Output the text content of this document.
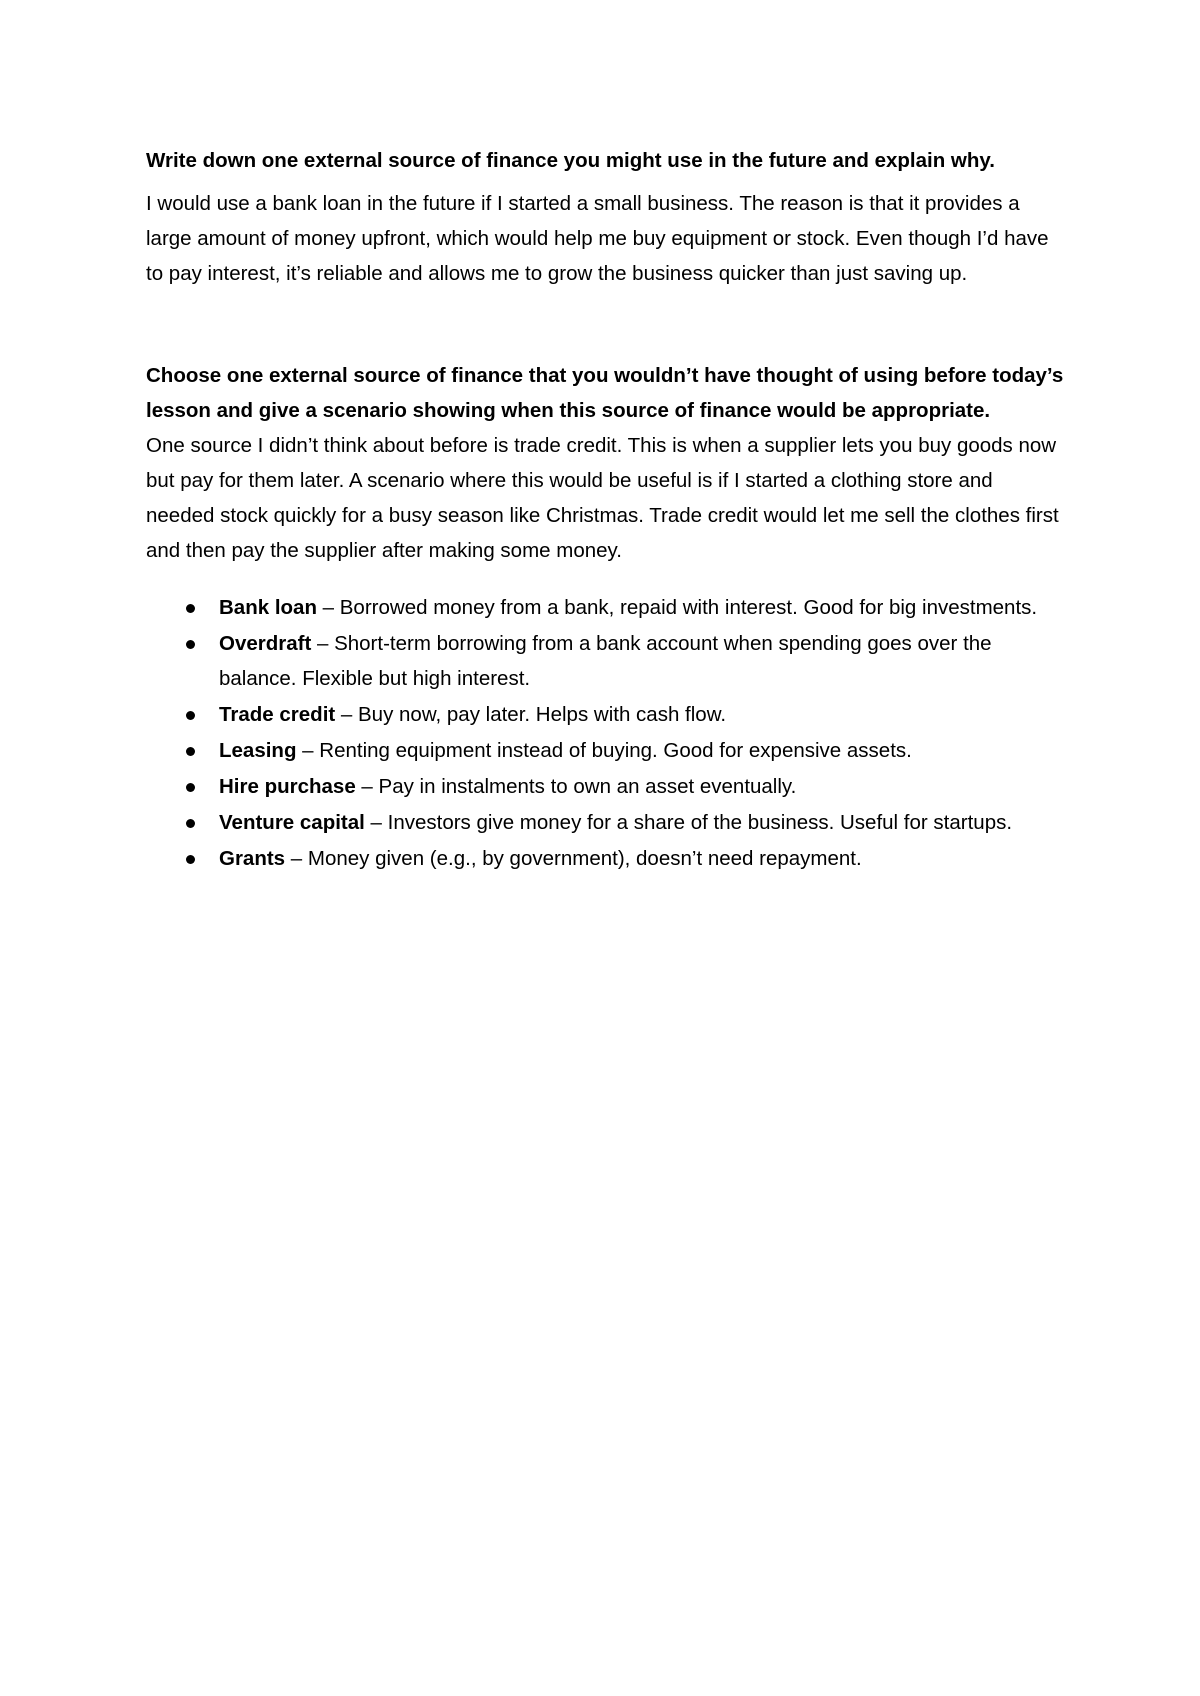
Write down one external source of finance you might use in the future and explain why.

I would use a bank loan in the future if I started a small business. The reason is that it provides a large amount of money upfront, which would help me buy equipment or stock. Even though I’d have to pay interest, it’s reliable and allows me to grow the business quicker than just saving up.

Choose one external source of finance that you wouldn’t have thought of using before today’s lesson and give a scenario showing when this source of finance would be appropriate.

One source I didn’t think about before is trade credit. This is when a supplier lets you buy goods now but pay for them later. A scenario where this would be useful is if I started a clothing store and needed stock quickly for a busy season like Christmas. Trade credit would let me sell the clothes first and then pay the supplier after making some money.

Bank loan – Borrowed money from a bank, repaid with interest. Good for big investments.
Overdraft – Short-term borrowing from a bank account when spending goes over the balance. Flexible but high interest.
Trade credit – Buy now, pay later. Helps with cash flow.
Leasing – Renting equipment instead of buying. Good for expensive assets.
Hire purchase – Pay in instalments to own an asset eventually.
Venture capital – Investors give money for a share of the business. Useful for startups.
Grants – Money given (e.g., by government), doesn’t need repayment.
